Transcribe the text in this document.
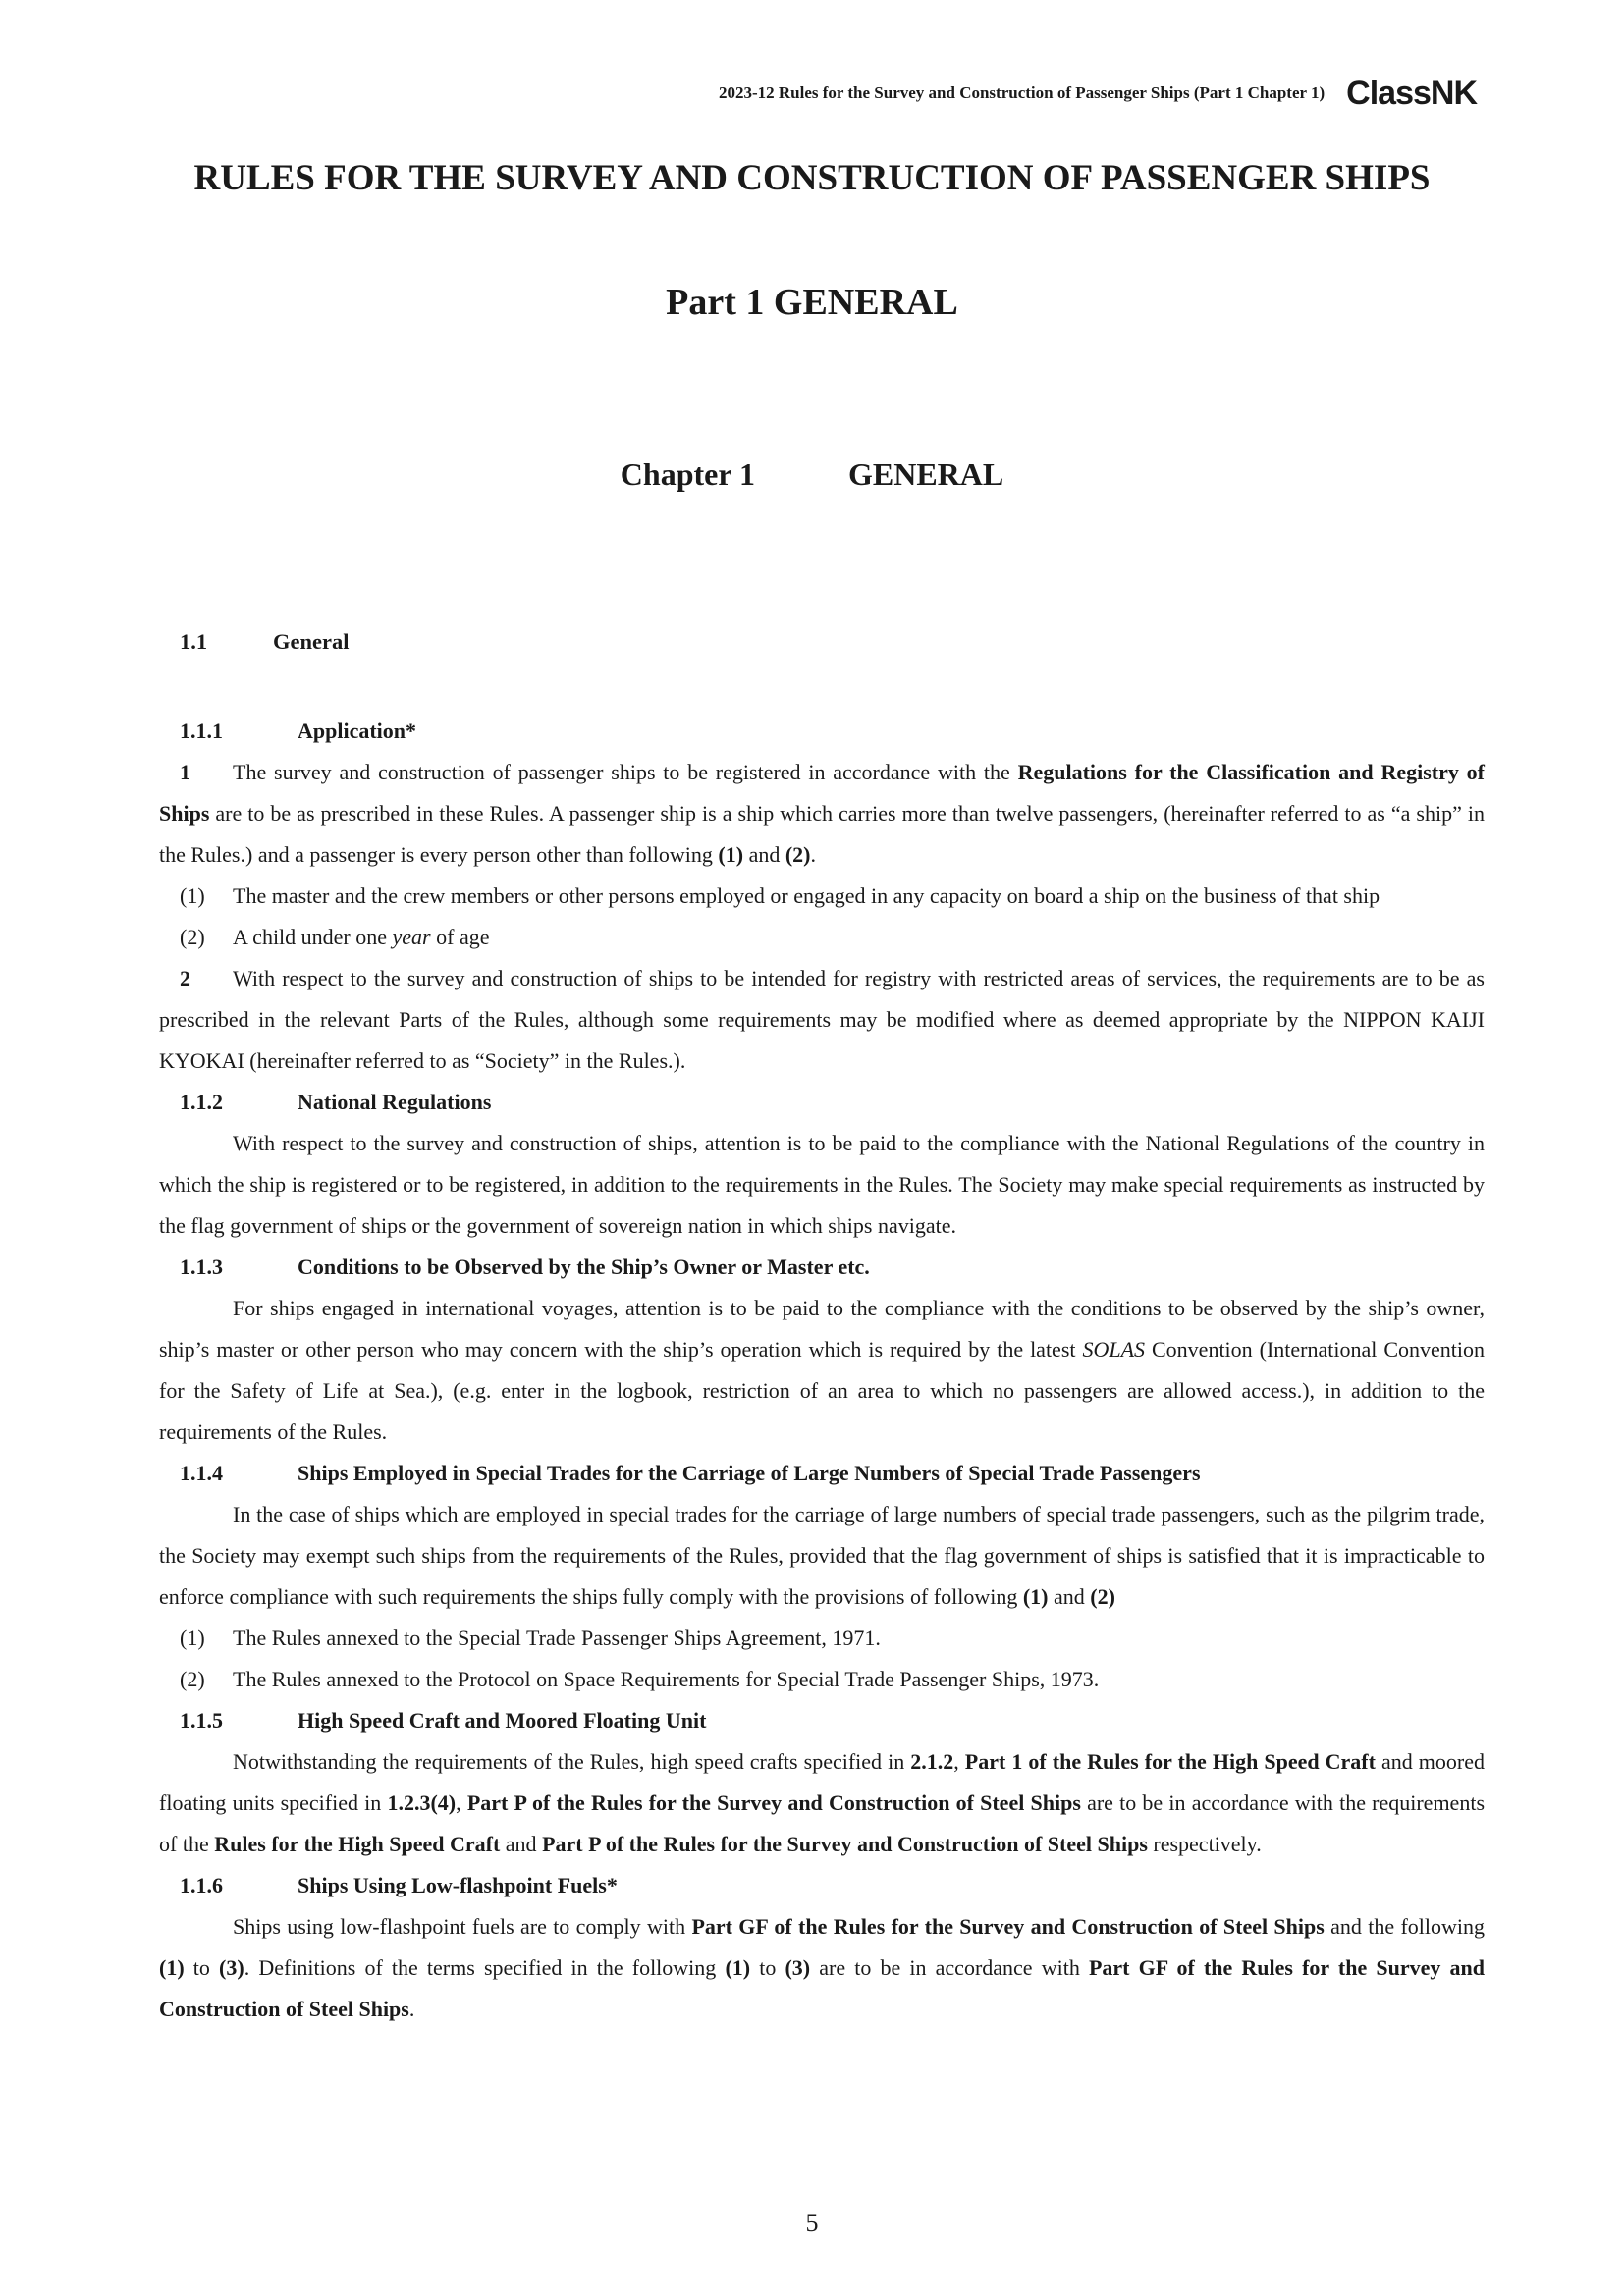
2023-12 Rules for the Survey and Construction of Passenger Ships (Part 1 Chapter 1) ClassNK
RULES FOR THE SURVEY AND CONSTRUCTION OF PASSENGER SHIPS
Part 1 GENERAL
Chapter 1	GENERAL

1.1	General

1.1.1	Application*

1 The survey and construction of passenger ships to be registered in accordance with the Regulations for the Classification and Registry of Ships are to be as prescribed in these Rules. A passenger ship is a ship which carries more than twelve passengers, (hereinafter referred to as “a ship” in the Rules.) and a passenger is every person other than following (1) and (2).

(1)	The master and the crew members or other persons employed or engaged in any capacity on board a ship on the business of that ship
(2)	A child under one year of age

2 With respect to the survey and construction of ships to be intended for registry with restricted areas of services, the requirements are to be as prescribed in the relevant Parts of the Rules, although some requirements may be modified where as deemed appropriate by the NIPPON KAIJI KYOKAI (hereinafter referred to as “Society” in the Rules.).

1.1.2	National Regulations

With respect to the survey and construction of ships, attention is to be paid to the compliance with the National Regulations of the country in which the ship is registered or to be registered, in addition to the requirements in the Rules. The Society may make special requirements as instructed by the flag government of ships or the government of sovereign nation in which ships navigate.

1.1.3	Conditions to be Observed by the Ship’s Owner or Master etc.

For ships engaged in international voyages, attention is to be paid to the compliance with the conditions to be observed by the ship’s owner, ship’s master or other person who may concern with the ship’s operation which is required by the latest SOLAS Convention (International Convention for the Safety of Life at Sea.), (e.g. enter in the logbook, restriction of an area to which no passengers are allowed access.), in addition to the requirements of the Rules.

1.1.4	Ships Employed in Special Trades for the Carriage of Large Numbers of Special Trade Passengers

In the case of ships which are employed in special trades for the carriage of large numbers of special trade passengers, such as the pilgrim trade, the Society may exempt such ships from the requirements of the Rules, provided that the flag government of ships is satisfied that it is impracticable to enforce compliance with such requirements the ships fully comply with the provisions of following (1) and (2)

(1)	The Rules annexed to the Special Trade Passenger Ships Agreement, 1971.
(2)	The Rules annexed to the Protocol on Space Requirements for Special Trade Passenger Ships, 1973.

1.1.5	High Speed Craft and Moored Floating Unit

Notwithstanding the requirements of the Rules, high speed crafts specified in 2.1.2, Part 1 of the Rules for the High Speed Craft and moored floating units specified in 1.2.3(4), Part P of the Rules for the Survey and Construction of Steel Ships are to be in accordance with the requirements of the Rules for the High Speed Craft and Part P of the Rules for the Survey and Construction of Steel Ships respectively.

1.1.6	Ships Using Low-flashpoint Fuels*

Ships using low-flashpoint fuels are to comply with Part GF of the Rules for the Survey and Construction of Steel Ships and the following (1) to (3). Definitions of the terms specified in the following (1) to (3) are to be in accordance with Part GF of the Rules for the Survey and Construction of Steel Ships.

5
